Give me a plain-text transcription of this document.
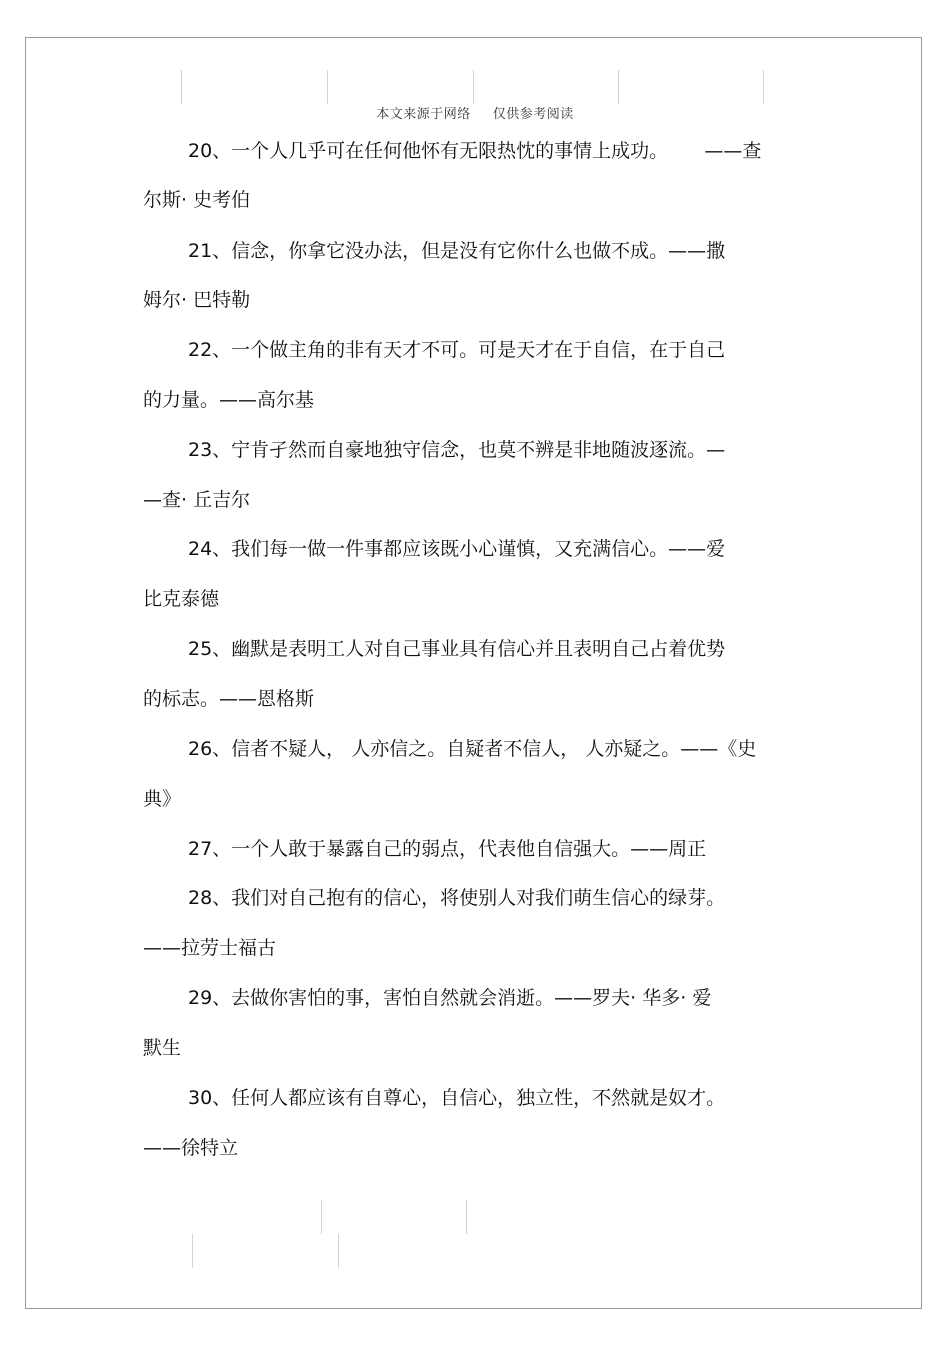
本文来源于网络 仅供参考阅读
20、一个人几乎可在任何他怀有无限热忱的事情上成功。      ——查
尔斯· 史考伯
21、信念，你拿它没办法，但是没有它你什么也做不成。——撒
姆尔· 巴特勒
22、一个做主角的非有天才不可。可是天才在于自信，在于自己
的力量。——高尔基
23、宁肯孑然而自豪地独守信念，也莫不辨是非地随波逐流。—
—查· 丘吉尔
24、我们每一做一件事都应该既小心谨慎，又充满信心。——爱
比克泰德
25、幽默是表明工人对自己事业具有信心并且表明自己占着优势
的标志。——恩格斯
26、信者不疑人， 人亦信之。自疑者不信人， 人亦疑之。——《史
典》
27、一个人敢于暴露自己的弱点，代表他自信强大。——周正
28、我们对自己抱有的信心，将使别人对我们萌生信心的绿芽。
——拉劳士福古
29、去做你害怕的事，害怕自然就会消逝。——罗夫· 华多· 爱
默生
30、任何人都应该有自尊心，自信心，独立性，不然就是奴才。
——徐特立
